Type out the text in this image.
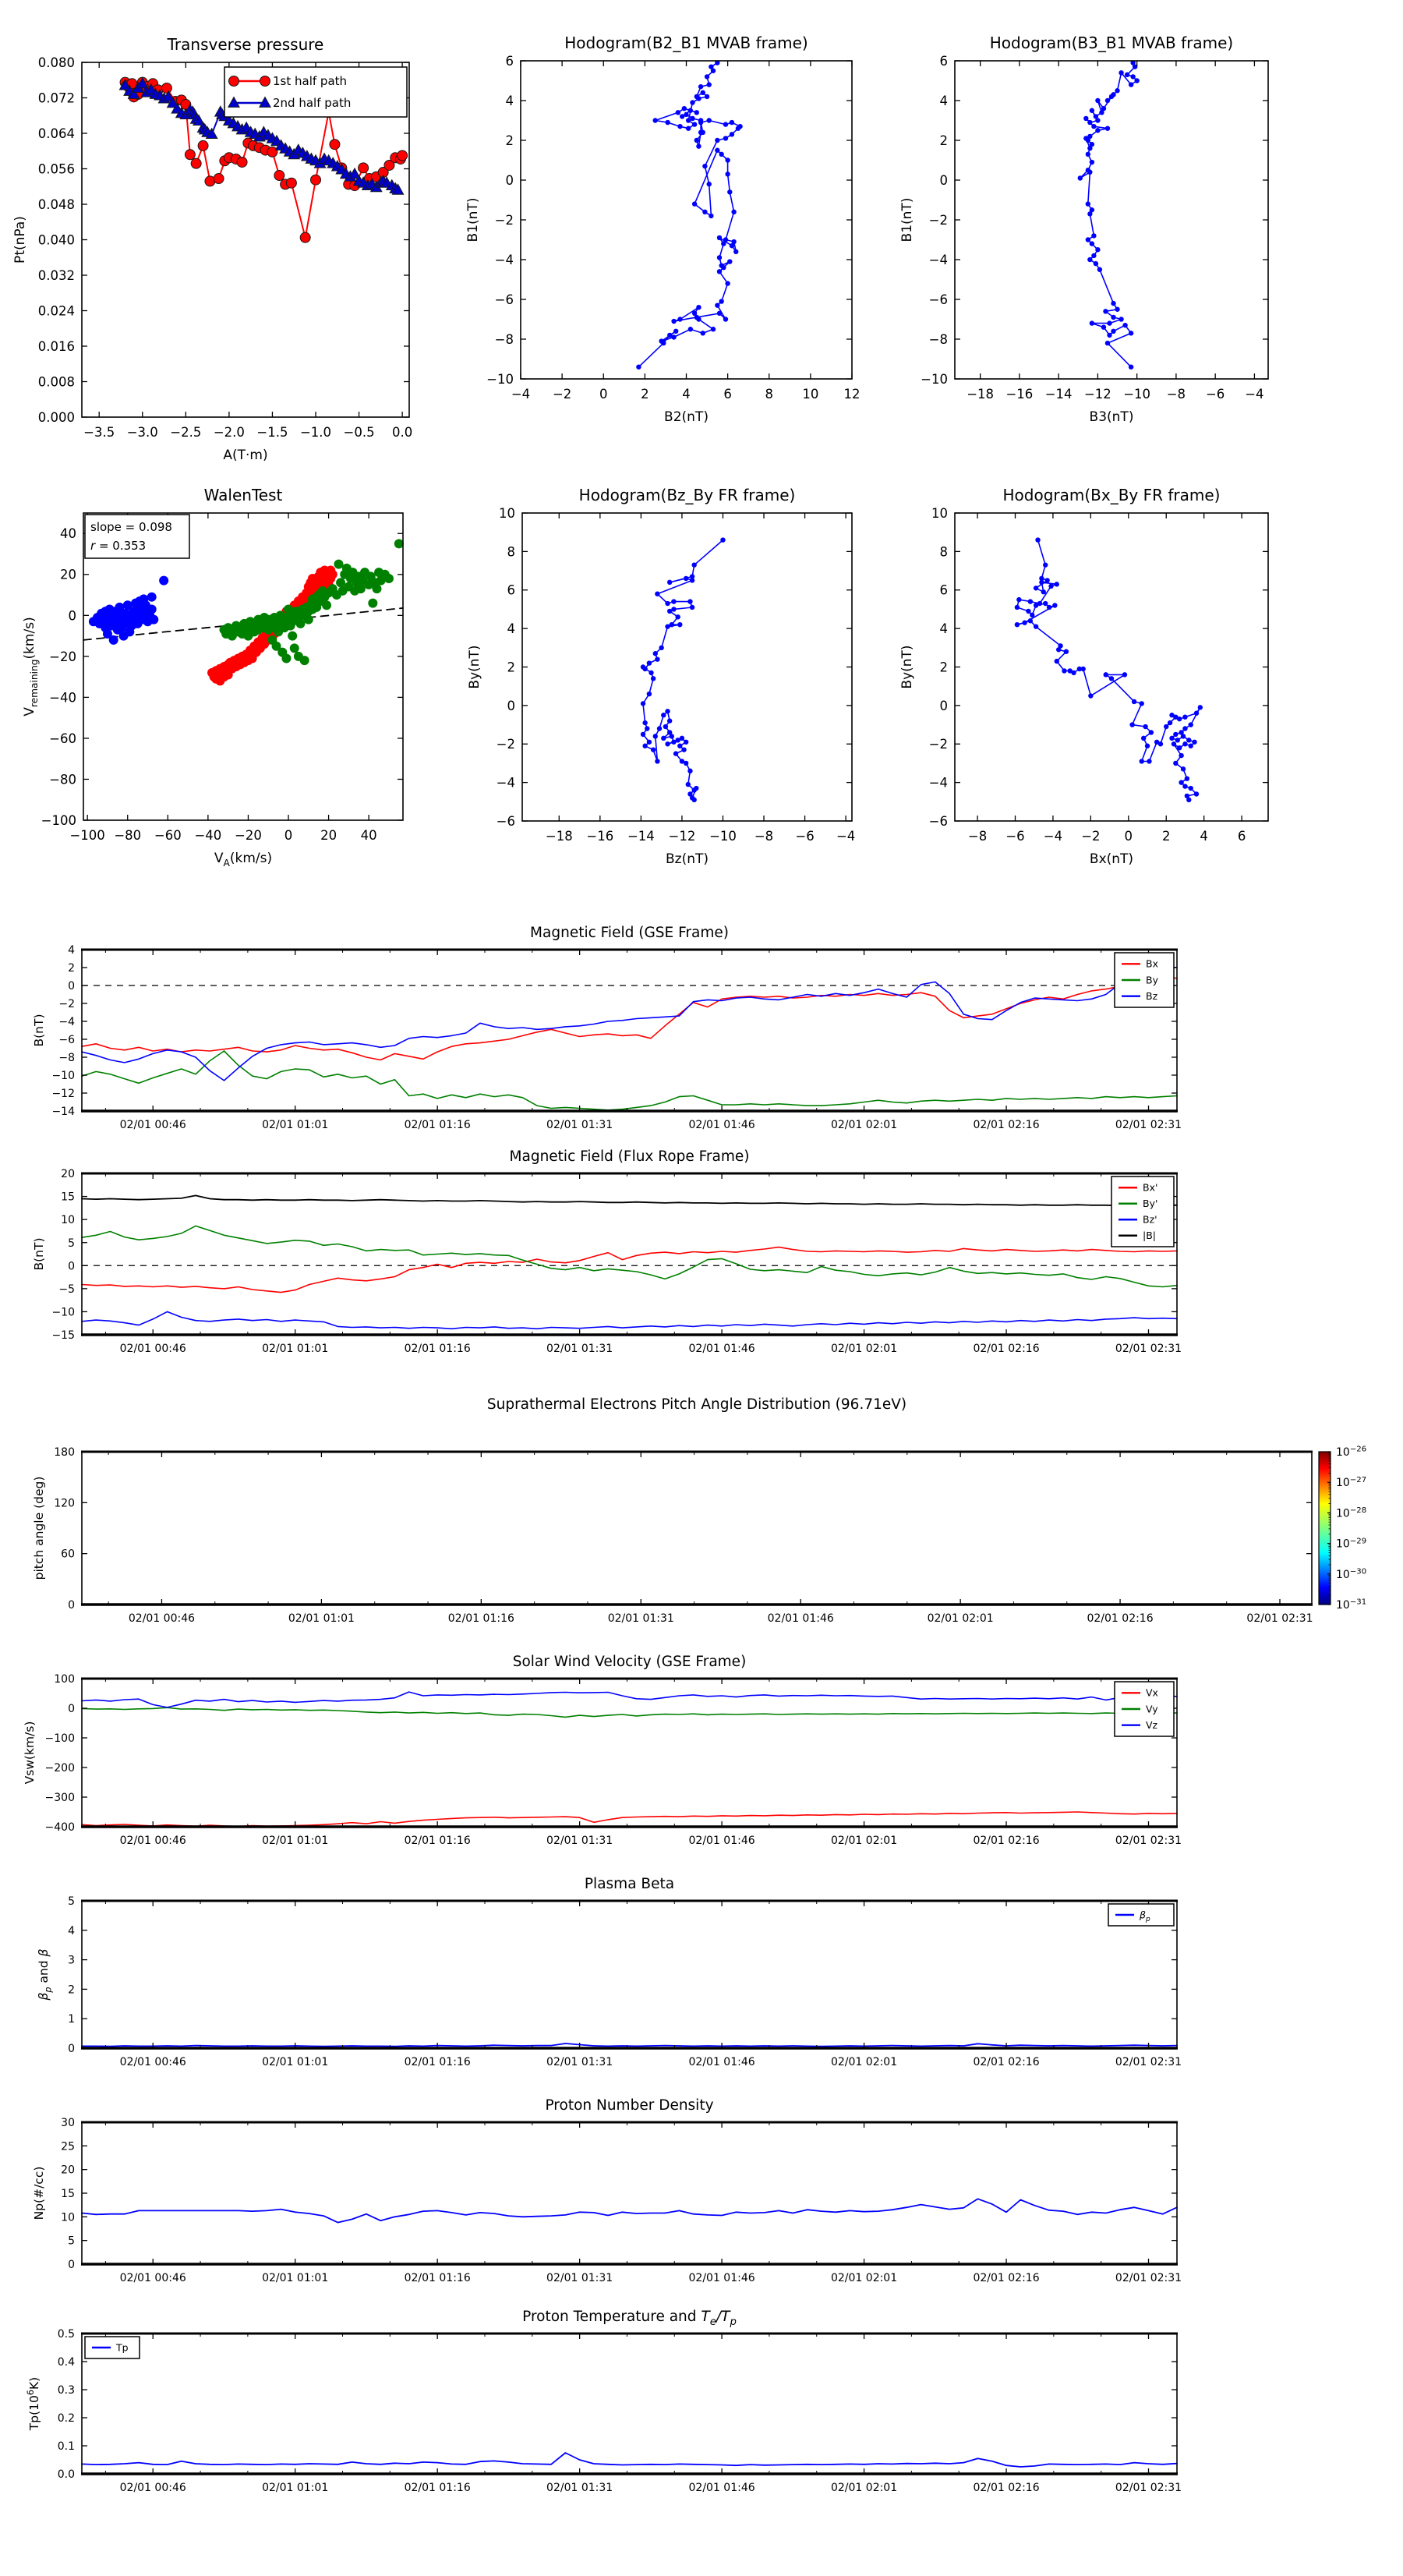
Transverse pressure
−3.5 −3.0 −2.5 −2.0 −1.5 −1.0 −0.5 0.0
0.000
0.008
0.016
0.024
0.032
0.040
0.048
0.056
0.064
0.072
0.080
A(T·m)
Pt(nPa)
1st half path
2nd half path
Hodogram(B2_B1 MVAB frame)
−4 −2 0	2	4	6	8 10 12
−10
−8
−6
−4
−2
0
2
4
6
B2(nT)
B1(nT)
Hodogram(B3_B1 MVAB frame)
−18 −16 −14 −12 −10 −8 −6 −4
−10
−8
−6
−4
−2
0
2
4
6
B3(nT)
B1(nT)
WalenTest
−100 −80 −60 −40 −20 0 20 40
−100
−80
−60
−40
−20
0
20
40
$V_A(km/s)$
$V_{remaining}(km/s)$
slope = 0.098
r = 0.353
Hodogram(Bz_By FR frame)
−18 −16 −14 −12 −10 −8 −6 −4
−6
−4
−2
0
2
4
6
8
10
Bz(nT)
By(nT)
Hodogram(Bx_By FR frame)
−8 −6 −4 −2 0 2 4 6
−6
−4
−2
0
2
4
6
8
10
Bx(nT)
By(nT)
Magnetic Field (GSE Frame)
02/01 00:46	02/01 01:01	02/01 01:16	02/01 01:31	02/01 01:46	02/01 02:01	02/01 02:16	02/01 02:31
−14
−12
−10
−8
−6
−4
−2
0
2
4
B(nT)
Bx
By
Bz
Magnetic Field (Flux Rope Frame)
02/01 00:46	02/01 01:01	02/01 01:16	02/01 01:31	02/01 01:46	02/01 02:01	02/01 02:16	02/01 02:31
−15
−10
−5
0
5
10
15
20
B(nT)
Bx'
By'
Bz'
|B|
Suprathermal Electrons Pitch Angle Distribution (96.71eV)
02/01 00:46	02/01 01:01	02/01 01:16	02/01 01:31	02/01 01:46	02/01 02:01	02/01 02:16	02/01 02:31
0
60
120
180
pitch angle (deg)
$10^{-26}$
$10^{-27}$
$10^{-28}$
$10^{-29}$
$10^{-30}$
$10^{-31}$
Solar Wind Velocity (GSE Frame)
02/01 00:46	02/01 01:01	02/01 01:16	02/01 01:31	02/01 01:46	02/01 02:01	02/01 02:16	02/01 02:31
−400
−300
−200
−100
0
100
Vsw(km/s)
Vx
Vy
Vz
Plasma Beta
02/01 00:46	02/01 01:01	02/01 01:16	02/01 01:31	02/01 01:46	02/01 02:01	02/01 02:16	02/01 02:31
0
1
2
3
4
5
$\beta_p$ and β
$\beta_p$
Proton Number Density
02/01 00:46	02/01 01:01	02/01 01:16	02/01 01:31	02/01 01:46	02/01 02:01	02/01 02:16	02/01 02:31
0
5
10
15
20
25
30
Np(#/cc)
Proton Temperature and $T_e/T_p$
02/01 00:46	02/01 01:01	02/01 01:16	02/01 01:31	02/01 01:46	02/01 02:01	02/01 02:16	02/01 02:31
0.0
0.1
0.2
0.3
0.4
0.5
$Tp(10^6K)$
Tp
